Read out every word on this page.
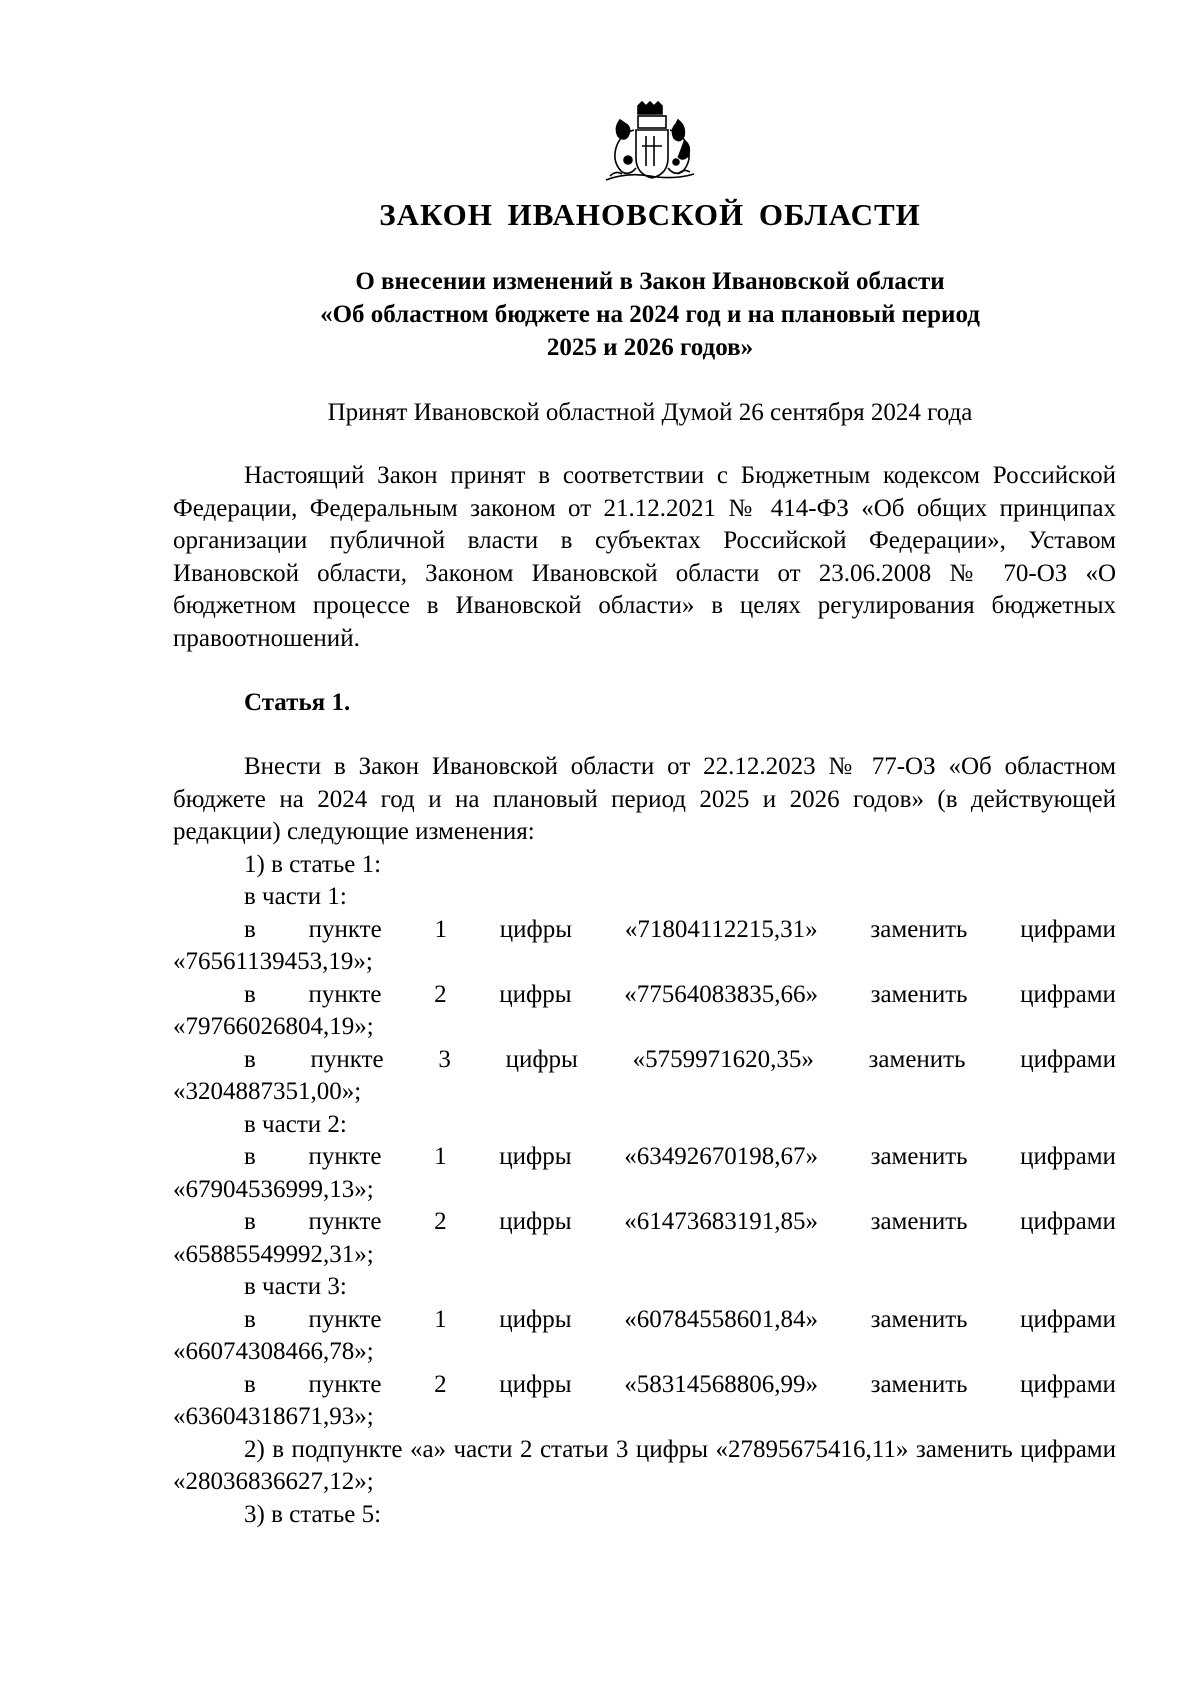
ЗАКОН ИВАНОВСКОЙ ОБЛАСТИ
О внесении изменений в Закон Ивановской области
«Об областном бюджете на 2024 год и на плановый период
2025 и 2026 годов»

Принят Ивановской областной Думой 26 сентября 2024 года

Настоящий Закон принят в соответствии с Бюджетным кодексом Российской Федерации, Федеральным законом от 21.12.2021 № 414-ФЗ «Об общих принципах организации публичной власти в субъектах Российской Федерации», Уставом Ивановской области, Законом Ивановской области от 23.06.2008 № 70-ОЗ «О бюджетном процессе в Ивановской области» в целях регулирования бюджетных правоотношений.

Статья 1.

Внести в Закон Ивановской области от 22.12.2023 № 77-ОЗ «Об областном бюджете на 2024 год и на плановый период 2025 и 2026 годов» (в действующей редакции) следующие изменения:

1) в статье 1:

в части 1:

в пункте 1 цифры «71804112215,31» заменить цифрами
«76561139453,19»;
в пункте 2 цифры «77564083835,66» заменить цифрами
«79766026804,19»;
в пункте 3 цифры «5759971620,35» заменить цифрами
«3204887351,00»;

в части 2:

в пункте 1 цифры «63492670198,67» заменить цифрами
«67904536999,13»;
в пункте 2 цифры «61473683191,85» заменить цифрами
«65885549992,31»;

в части 3:

в пункте 1 цифры «60784558601,84» заменить цифрами
«66074308466,78»;
в пункте 2 цифры «58314568806,99» заменить цифрами
«63604318671,93»;

2) в подпункте «а» части 2 статьи 3 цифры «27895675416,11» заменить цифрами «28036836627,12»;

3) в статье 5:
